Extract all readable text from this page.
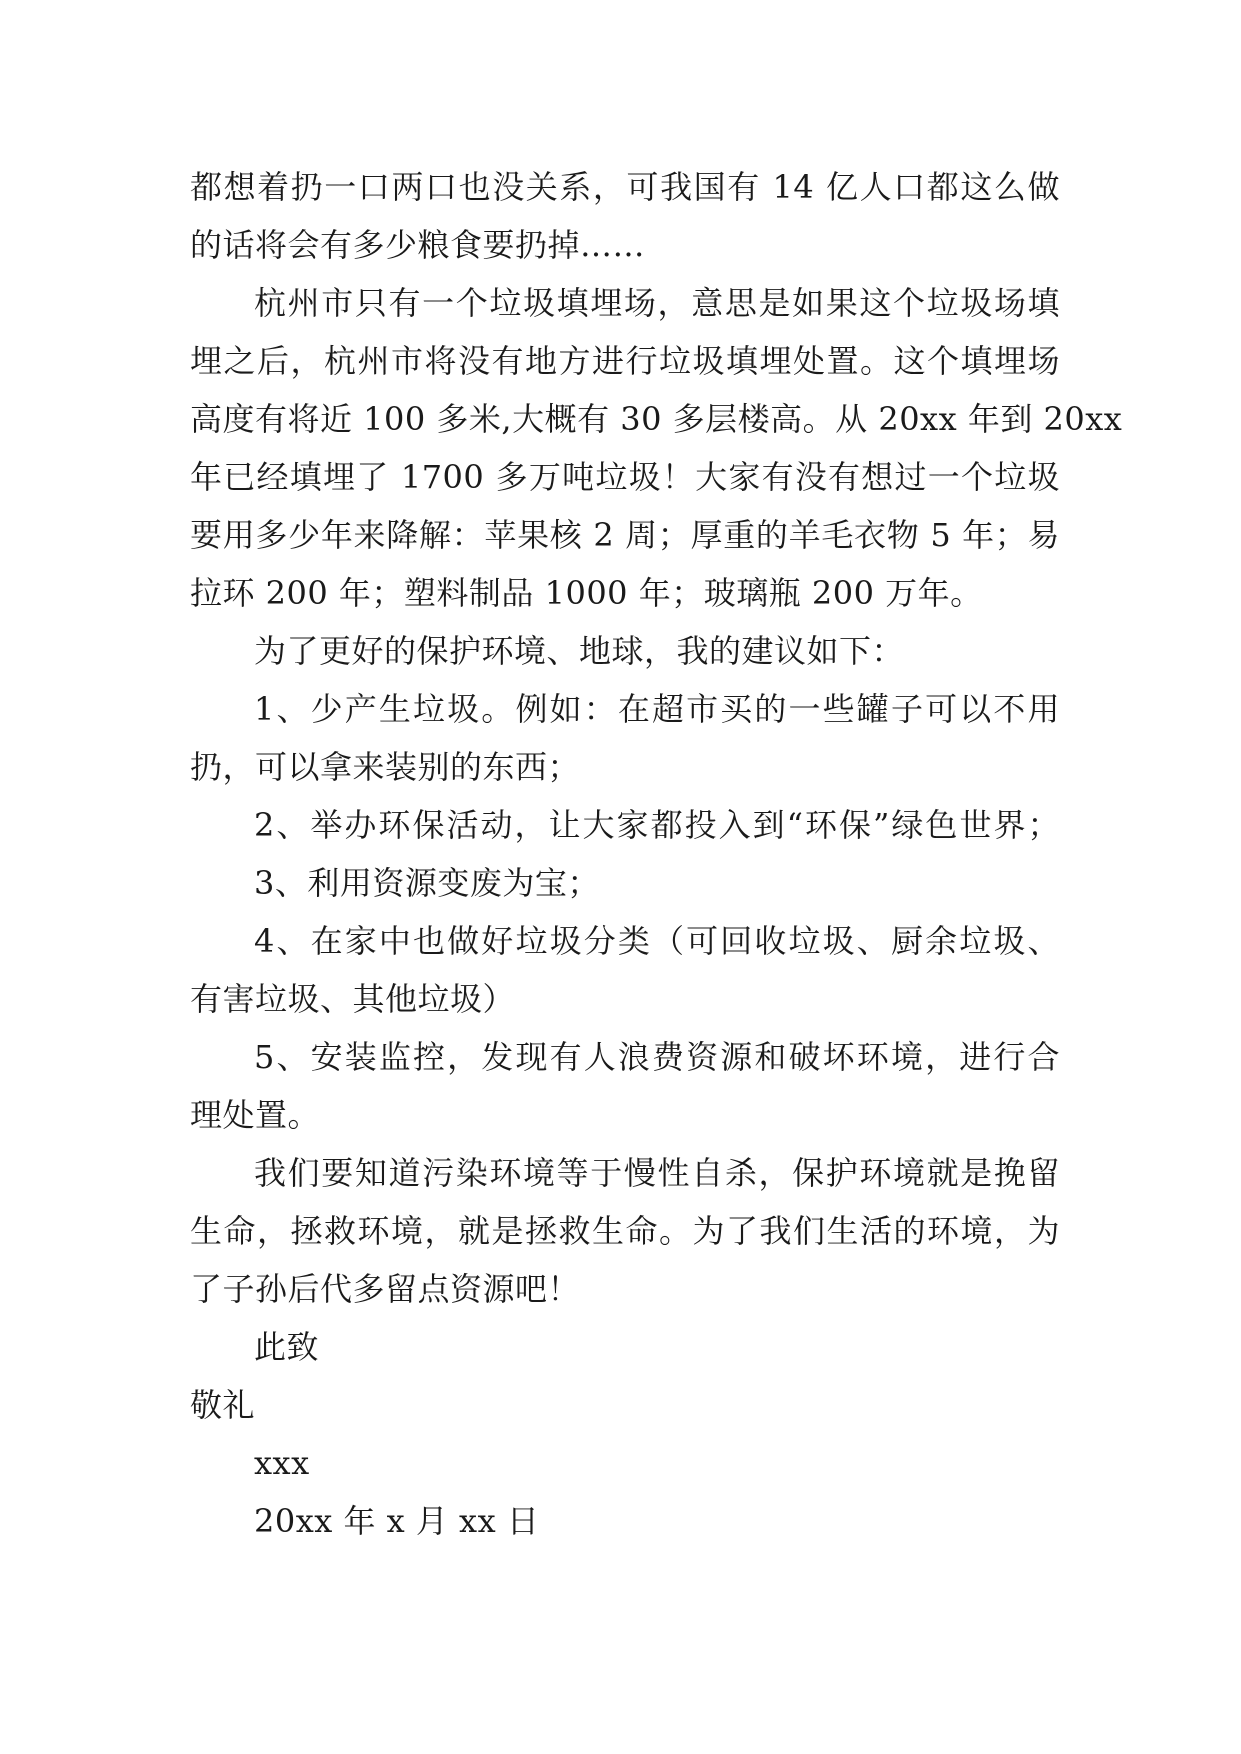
都想着扔一口两口也没关系，可我国有 14 亿人口都这么做
的话将会有多少粮食要扔掉……
杭州市只有一个垃圾填埋场，意思是如果这个垃圾场填
埋之后，杭州市将没有地方进行垃圾填埋处置。这个填埋场
高度有将近 100 多米,大概有 30 多层楼高。从 20xx 年到 20xx
年已经填埋了 1700 多万吨垃圾！大家有没有想过一个垃圾
要用多少年来降解：苹果核 2 周；厚重的羊毛衣物 5 年；易
拉环 200 年；塑料制品 1000 年；玻璃瓶 200 万年。
为了更好的保护环境、地球，我的建议如下：
1、少产生垃圾。例如：在超市买的一些罐子可以不用
扔，可以拿来装别的东西；
2、举办环保活动，让大家都投入到“环保”绿色世界；
3、利用资源变废为宝；
4、在家中也做好垃圾分类（可回收垃圾、厨余垃圾、
有害垃圾、其他垃圾）
5、安装监控，发现有人浪费资源和破坏环境，进行合
理处置。
我们要知道污染环境等于慢性自杀，保护环境就是挽留
生命，拯救环境，就是拯救生命。为了我们生活的环境，为
了子孙后代多留点资源吧！
此致
敬礼
xxx
20xx 年 x 月 xx 日
